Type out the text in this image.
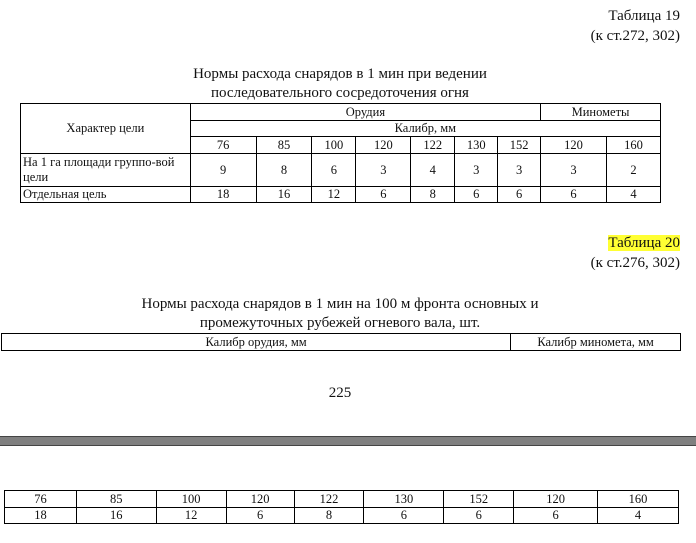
Таблица 19
(к ст.272, 302)
Нормы расхода снарядов в 1 мин при ведении
последовательного сосредоточения огня
Характер цели	Орудия							Минометы	
	Калибр, мм								
	76	85	100	120	122	130	152	120	160
На 1 га площади группо-вой цели	9	8	6	3	4	3	3	3	2
Отдельная цель	18	16	12	6	8	6	6	6	4
Таблица 20
(к ст.276, 302)
Нормы расхода снарядов в 1 мин на 100 м фронта основных и
промежуточных рубежей огневого вала, шт.
Калибр орудия, мм	Калибр миномета, мм
225
76	85	100	120	122	130	152	120	160
18	16	12	6	8	6	6	6	4
